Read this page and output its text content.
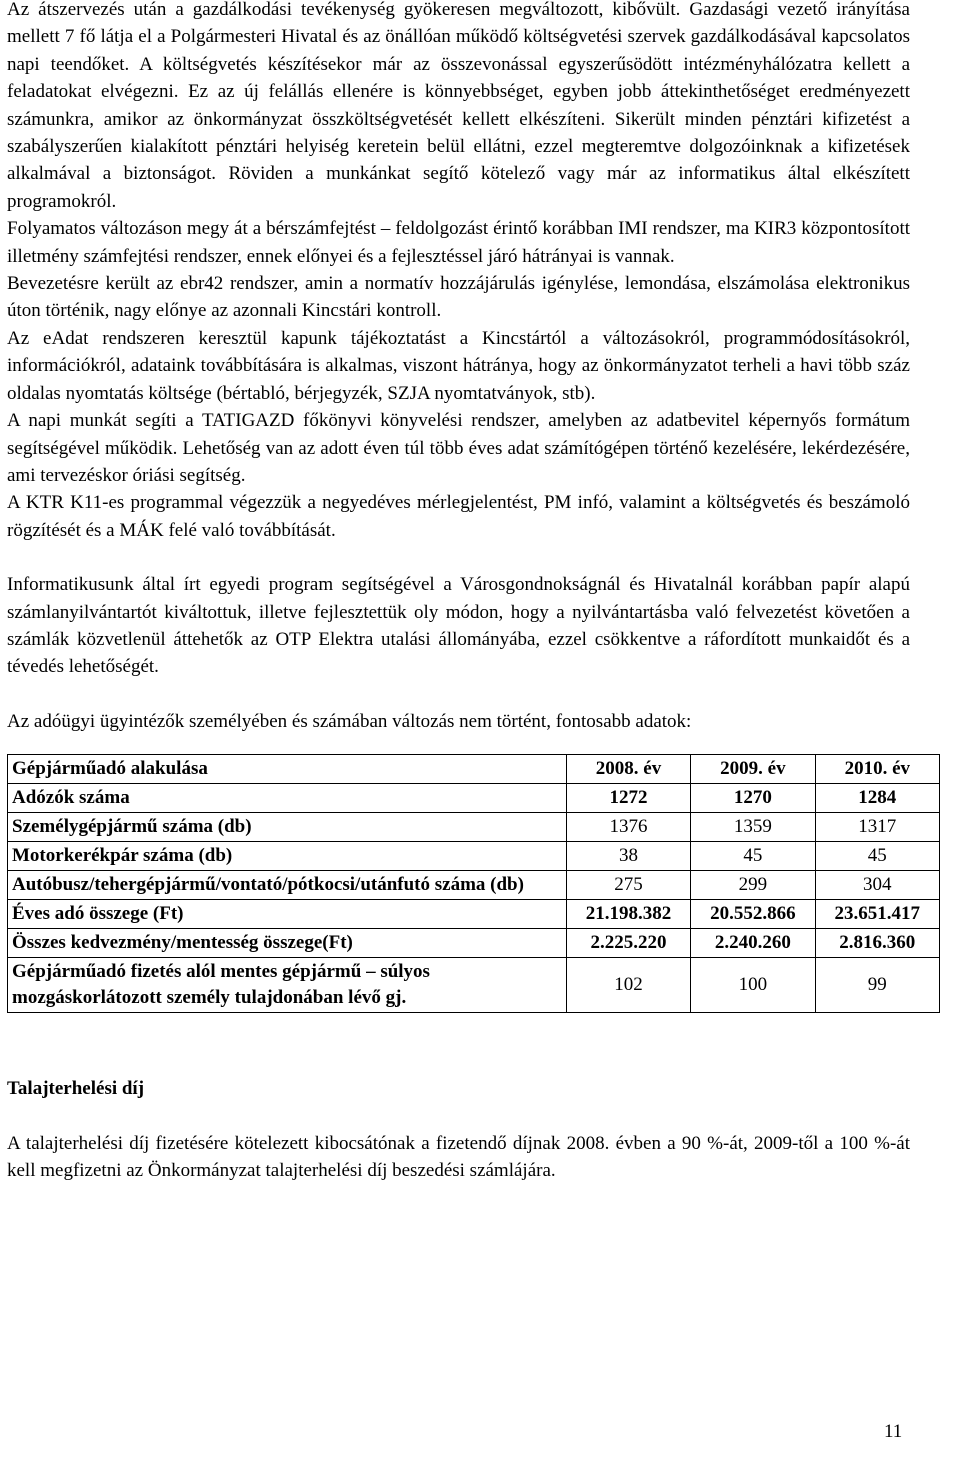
Az átszervezés után a gazdálkodási tevékenység gyökeresen megváltozott, kibővült. Gazdasági vezető irányítása mellett 7 fő látja el a Polgármesteri Hivatal és az önállóan működő költségvetési szervek gazdálkodásával kapcsolatos napi teendőket. A költségvetés készítésekor már az összevonással egyszerűsödött intézményhálózatra kellett a feladatokat elvégezni. Ez az új felállás ellenére is könnyebbséget, egyben jobb áttekinthetőséget eredményezett számunkra, amikor az önkormányzat összköltségvetését kellett elkészíteni. Sikerült minden pénztári kifizetést a szabályszerűen kialakított pénztári helyiség keretein belül ellátni, ezzel megteremtve dolgozóinknak a kifizetések alkalmával a biztonságot. Röviden a munkánkat segítő kötelező vagy már az informatikus által elkészített programokról.

Folyamatos változáson megy át a bérszámfejtést – feldolgozást érintő korábban IMI rendszer, ma KIR3 központosított illetmény számfejtési rendszer, ennek előnyei és a fejlesztéssel járó hátrányai is vannak.

Bevezetésre került az ebr42 rendszer, amin a normatív hozzájárulás igénylése, lemondása, elszámolása elektronikus úton történik, nagy előnye az azonnali Kincstári kontroll.

Az eAdat rendszeren keresztül kapunk tájékoztatást a Kincstártól a változásokról, programmódosításokról, információkról, adataink továbbítására is alkalmas, viszont hátránya, hogy az önkormányzatot terheli a havi több száz oldalas nyomtatás költsége (bértabló, bérjegyzék, SZJA nyomtatványok, stb).

A napi munkát segíti a TATIGAZD főkönyvi könyvelési rendszer, amelyben az adatbevitel képernyős formátum segítségével működik. Lehetőség van az adott éven túl több éves adat számítógépen történő kezelésére, lekérdezésére, ami tervezéskor óriási segítség.

A KTR K11-es programmal végezzük a negyedéves mérlegjelentést, PM infó, valamint a költségvetés és beszámoló rögzítését és a MÁK felé való továbbítását.

Informatikusunk által írt egyedi program segítségével a Városgondnokságnál és Hivatalnál korábban papír alapú számlanyilvántartót kiváltottuk, illetve fejlesztettük oly módon, hogy a nyilvántartásba való felvezetést követően a számlák közvetlenül áttehetők az OTP Elektra utalási állományába, ezzel csökkentve a ráfordított munkaidőt és a tévedés lehetőségét.

Az adóügyi ügyintézők személyében és számában változás nem történt, fontosabb adatok:

Gépjárműadó alakulása	2008. év	2009. év	2010. év
Adózók száma	1272	1270	1284
Személygépjármű száma (db)	1376	1359	1317
Motorkerékpár száma (db)	38	45	45
Autóbusz/tehergépjármű/vontató/pótkocsi/utánfutó száma (db)	275	299	304
Éves adó összege (Ft)	21.198.382	20.552.866	23.651.417
Összes kedvezmény/mentesség összege(Ft)	2.225.220	2.240.260	2.816.360
Gépjárműadó fizetés alól mentes gépjármű – súlyos mozgáskorlátozott személy tulajdonában lévő gj.	102	100	99

Talajterhelési díj

A talajterhelési díj fizetésére kötelezett kibocsátónak a fizetendő díjnak 2008. évben a 90 %-át, 2009-től a 100 %-át kell megfizetni az Önkormányzat talajterhelési díj beszedési számlájára.

11
